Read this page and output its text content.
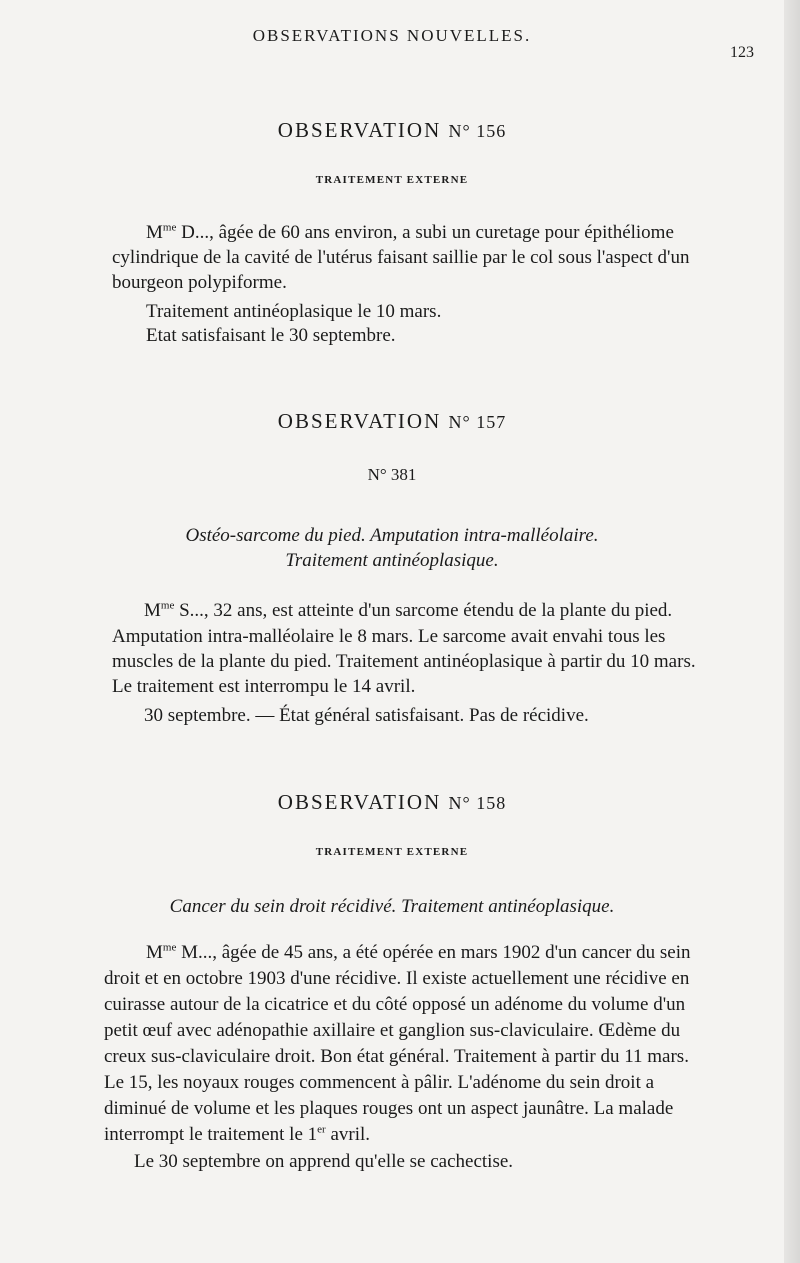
OBSERVATIONS NOUVELLES.
123
OBSERVATION N° 156
TRAITEMENT EXTERNE
$M^{me}$ D..., âgée de 60 ans environ, a subi un curetage pour épithéliome
cylindrique de la cavité de l'utérus faisant saillie par le col sous l'aspect d'un
bourgeon polypiforme.
Traitement antinéoplasique le 10 mars.
Etat satisfaisant le 30 septembre.
OBSERVATION N° 157
N° 381
Ostéo-sarcome du pied. Amputation intra-malléolaire.
Traitement antinéoplasique.
$M^{me}$ S..., 32 ans, est atteinte d'un sarcome étendu de la plante du pied.
Amputation intra-malléolaire le 8 mars. Le sarcome avait envahi tous les
muscles de la plante du pied. Traitement antinéoplasique à partir du 10 mars.
Le traitement est interrompu le 14 avril.
30 septembre. — État général satisfaisant. Pas de récidive.
OBSERVATION N° 158
TRAITEMENT EXTERNE
Cancer du sein droit récidivé. Traitement antinéoplasique.
$M^{me}$ M..., âgée de 45 ans, a été opérée en mars 1902 d'un cancer du sein
droit et en octobre 1903 d'une récidive. Il existe actuellement une récidive en
cuirasse autour de la cicatrice et du côté opposé un adénome du volume d'un
petit œuf avec adénopathie axillaire et ganglion sus-claviculaire. Œdème du
creux sus-claviculaire droit. Bon état général. Traitement à partir du 11 mars.
Le 15, les noyaux rouges commencent à pâlir. L'adénome du sein droit a
diminué de volume et les plaques rouges ont un aspect jaunâtre. La malade
interrompt le traitement le 1er avril.
Le 30 septembre on apprend qu'elle se cachectise.
